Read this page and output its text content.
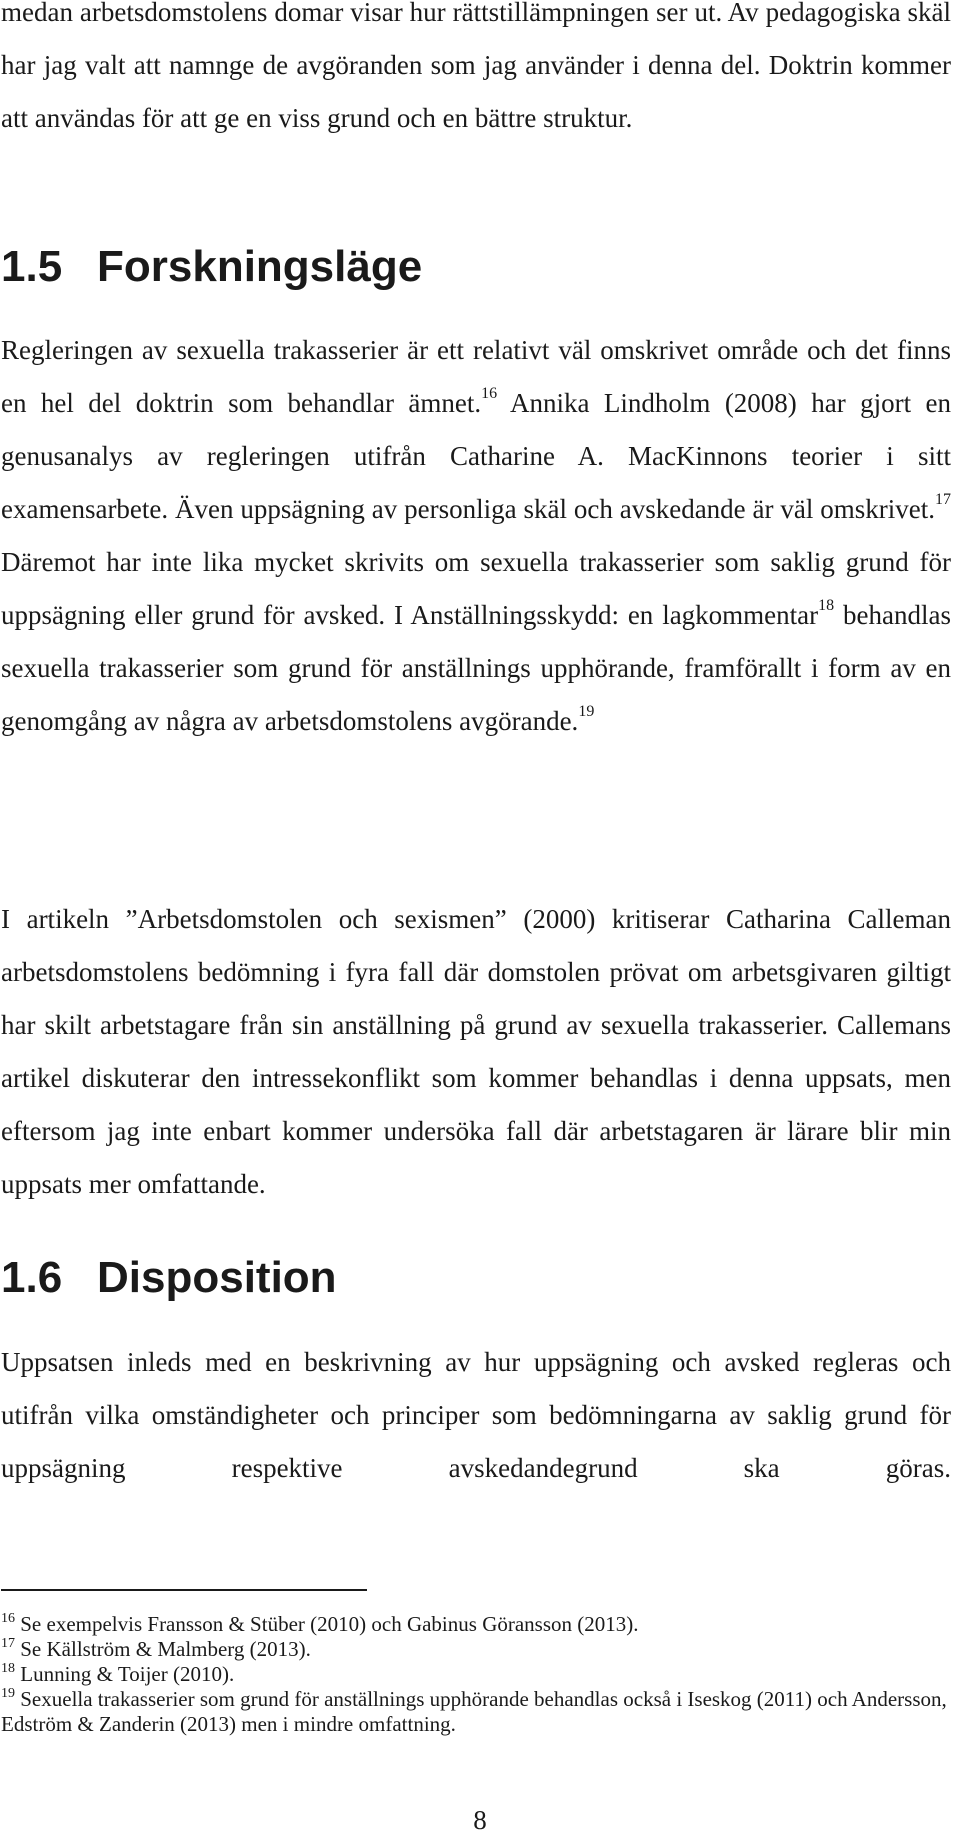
medan arbetsdomstolens domar visar hur rättstillämpningen ser ut. Av pedagogiska skäl har jag valt att namnge de avgöranden som jag använder i denna del. Doktrin kommer att användas för att ge en viss grund och en bättre struktur.

1.5 Forskningsläge

Regleringen av sexuella trakasserier är ett relativt väl omskrivet område och det finns en hel del doktrin som behandlar ämnet.$^{16}$ Annika Lindholm (2008) har gjort en genusanalys av regleringen utifrån Catharine A. MacKinnons teorier i sitt examensarbete. Även uppsägning av personliga skäl och avskedande är väl omskrivet.$^{17}$ Däremot har inte lika mycket skrivits om sexuella trakasserier som saklig grund för uppsägning eller grund för avsked. I Anställningsskydd: en lagkommentar$^{18}$ behandlas sexuella trakasserier som grund för anställnings upphörande, framförallt i form av en genomgång av några av arbetsdomstolens avgörande.$^{19}$

I artikeln ”Arbetsdomstolen och sexismen” (2000) kritiserar Catharina Calleman arbetsdomstolens bedömning i fyra fall där domstolen prövat om arbetsgivaren giltigt har skilt arbetstagare från sin anställning på grund av sexuella trakasserier. Callemans artikel diskuterar den intressekonflikt som kommer behandlas i denna uppsats, men eftersom jag inte enbart kommer undersöka fall där arbetstagaren är lärare blir min uppsats mer omfattande.

1.6 Disposition

Uppsatsen inleds med en beskrivning av hur uppsägning och avsked regleras och utifrån vilka omständigheter och principer som bedömningarna av saklig grund för uppsägning respektive avskedandegrund ska göras.

$^{16}$ Se exempelvis Fransson & Stüber (2010) och Gabinus Göransson (2013).

$^{17}$ Se Källström & Malmberg (2013).

$^{18}$ Lunning & Toijer (2010).

$^{19}$ Sexuella trakasserier som grund för anställnings upphörande behandlas också i Iseskog (2011) och Andersson, Edström & Zanderin (2013) men i mindre omfattning.

8
